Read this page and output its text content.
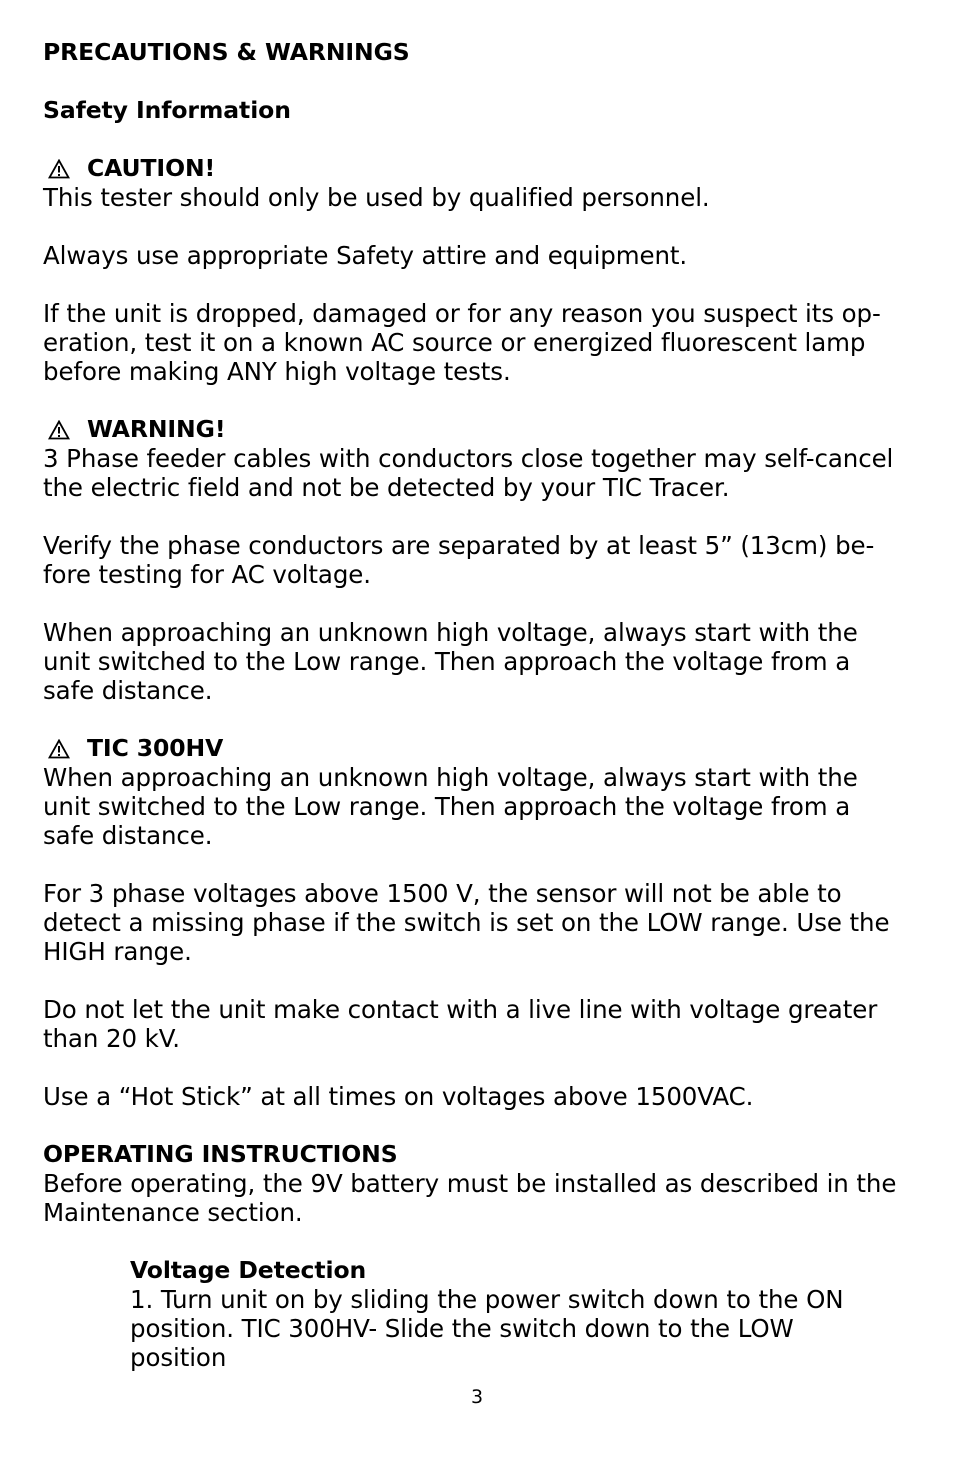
PRECAUTIONS & WARNINGS

Safety Information

CAUTION!

This tester should only be used by qualified personnel.

Always use appropriate Safety attire and equipment.

If the unit is dropped, damaged or for any reason you suspect its op-
eration, test it on a known AC source or energized fluorescent lamp
before making ANY high voltage tests.

WARNING!

3 Phase feeder cables with conductors close together may self-cancel
the electric field and not be detected by your TIC Tracer.

Verify the phase conductors are separated by at least 5” (13cm) be-
fore testing for AC voltage.

When approaching an unknown high voltage, always start with the
unit switched to the Low range. Then approach the voltage from a
safe distance.

TIC 300HV

When approaching an unknown high voltage, always start with the
unit switched to the Low range. Then approach the voltage from a
safe distance.

For 3 phase voltages above 1500 V, the sensor will not be able to
detect a missing phase if the switch is set on the LOW range. Use the
HIGH range.

Do not let the unit make contact with a live line with voltage greater
than 20 kV.

Use a “Hot Stick” at all times on voltages above 1500VAC.

OPERATING INSTRUCTIONS

Before operating, the 9V battery must be installed as described in the
Maintenance section.

Voltage Detection

1. Turn unit on by sliding the power switch down to the ON
position. TIC 300HV- Slide the switch down to the LOW
position

3
